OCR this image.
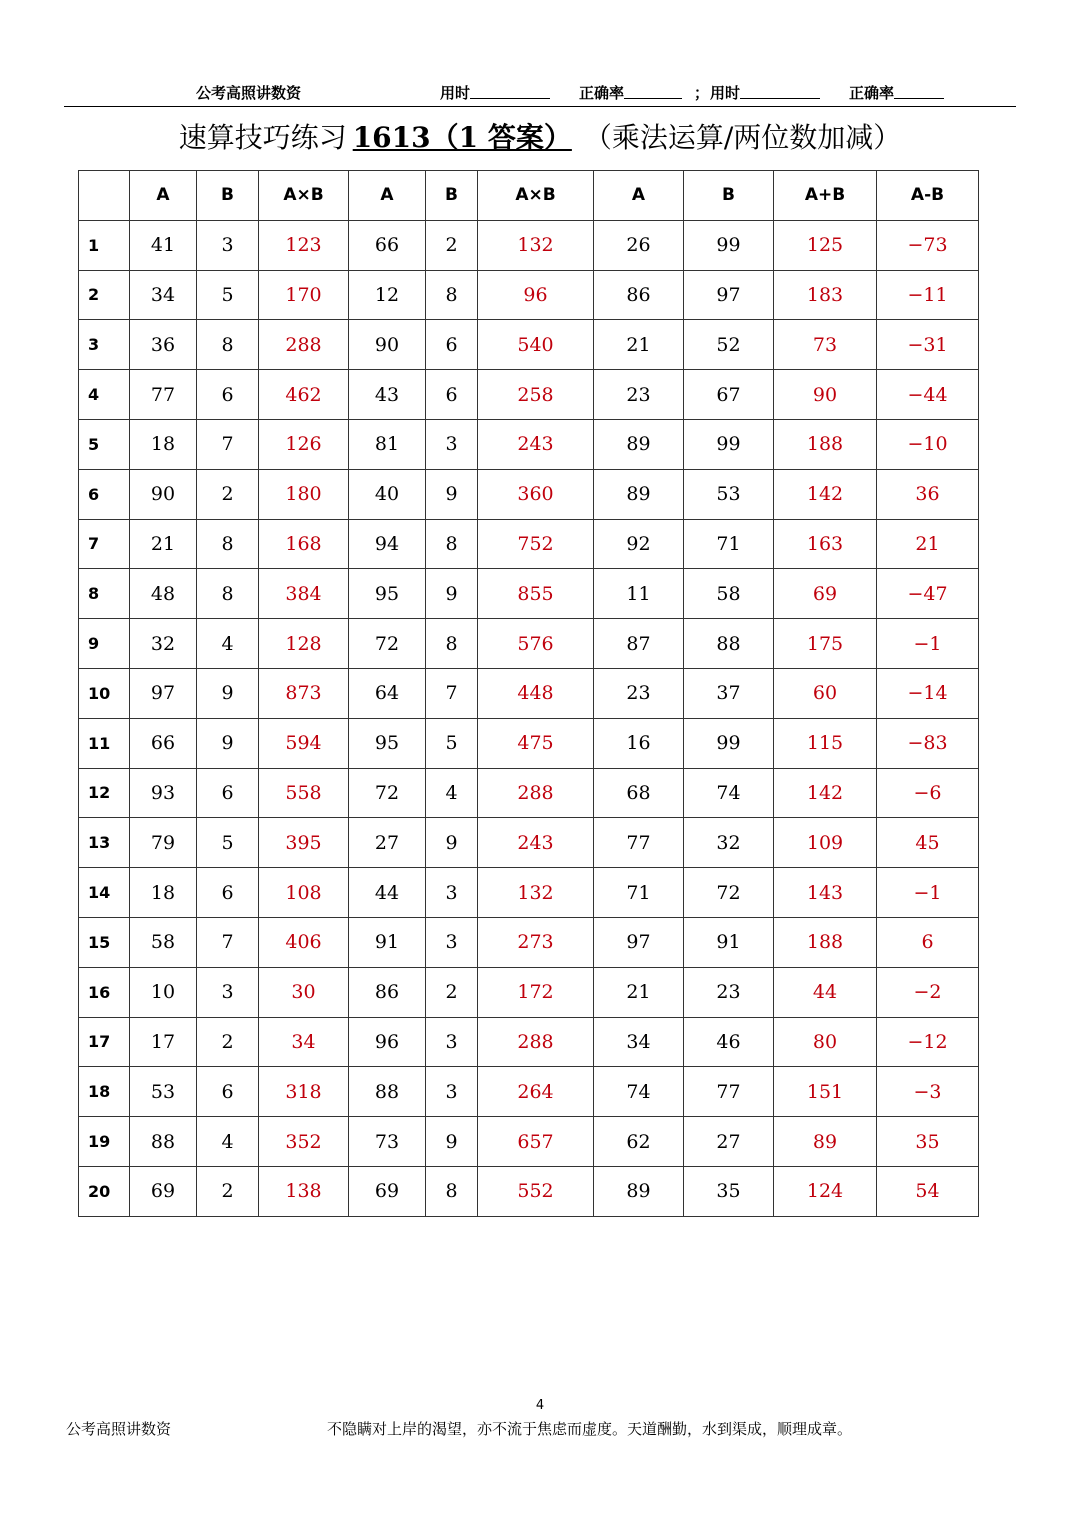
公考高照讲数资	用时	正确率	； 用时	正确率
速算技巧练习 1613（1 答案） （乘法运算/两位数加减）
	A	B	A×B	A	B	A×B	A	B	A+B	A-B
1	41	3	123	66	2	132	26	99	125	−73
2	34	5	170	12	8	96	86	97	183	−11
3	36	8	288	90	6	540	21	52	73	−31
4	77	6	462	43	6	258	23	67	90	−44
5	18	7	126	81	3	243	89	99	188	−10
6	90	2	180	40	9	360	89	53	142	36
7	21	8	168	94	8	752	92	71	163	21
8	48	8	384	95	9	855	11	58	69	−47
9	32	4	128	72	8	576	87	88	175	−1
10	97	9	873	64	7	448	23	37	60	−14
11	66	9	594	95	5	475	16	99	115	−83
12	93	6	558	72	4	288	68	74	142	−6
13	79	5	395	27	9	243	77	32	109	45
14	18	6	108	44	3	132	71	72	143	−1
15	58	7	406	91	3	273	97	91	188	6
16	10	3	30	86	2	172	21	23	44	−2
17	17	2	34	96	3	288	34	46	80	−12
18	53	6	318	88	3	264	74	77	151	−3
19	88	4	352	73	9	657	62	27	89	35
20	69	2	138	69	8	552	89	35	124	54
4
公考高照讲数资	不隐瞒对上岸的渴望，亦不流于焦虑而虚度。天道酬勤，水到渠成，顺理成章。
